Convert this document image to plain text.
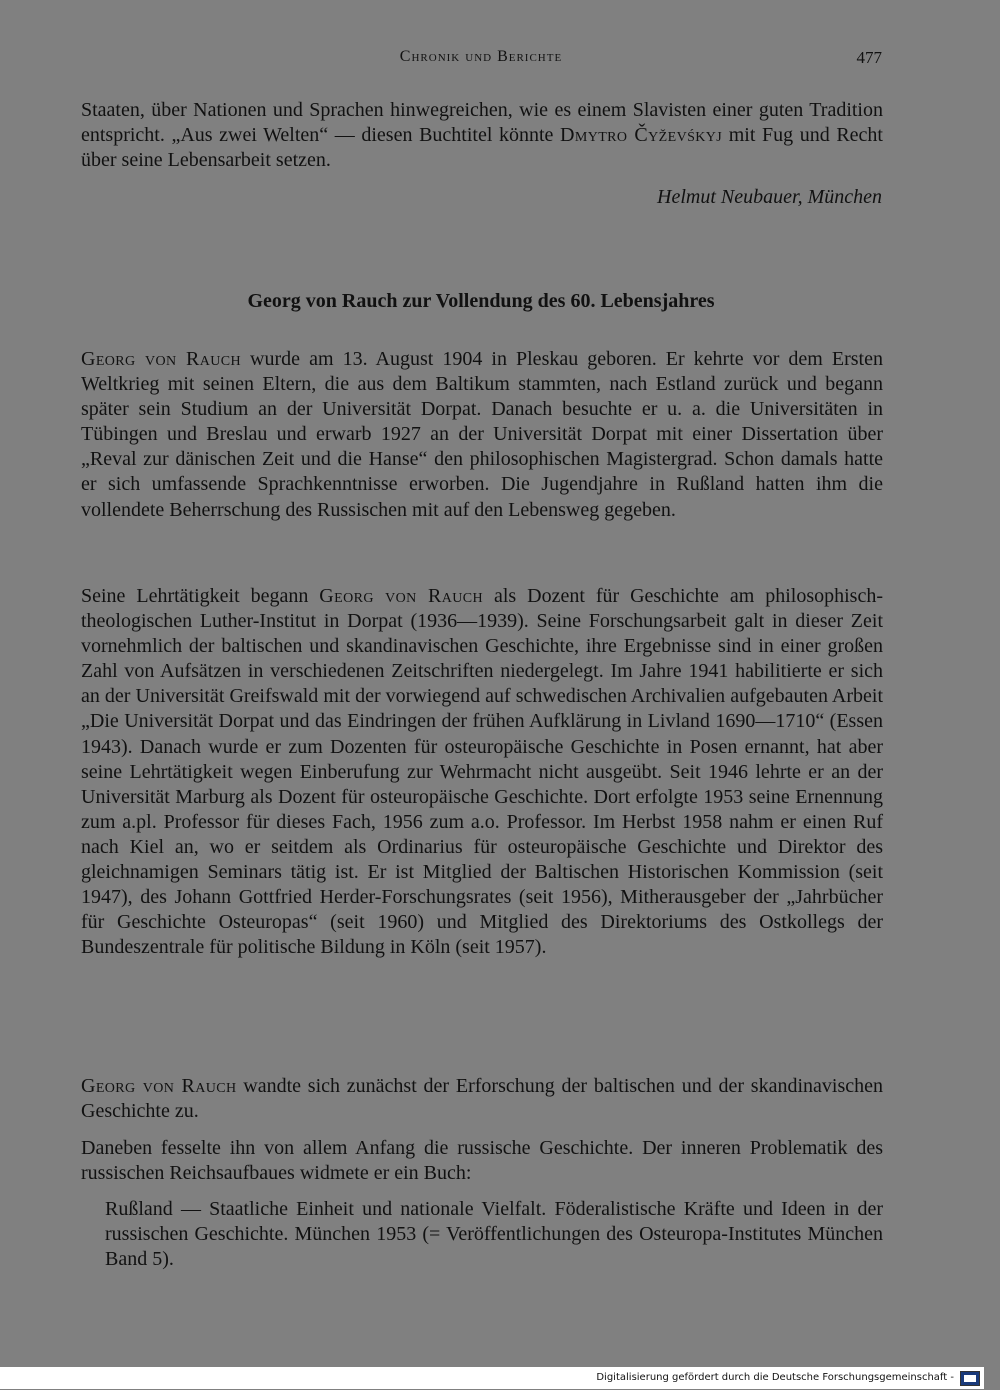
Chronik und Berichte	477

Staaten, über Nationen und Sprachen hinwegreichen, wie es einem Slavisten einer guten Tradition entspricht. „Aus zwei Welten“ — diesen Buchtitel könnte Dmytro Čyževśkyj mit Fug und Recht über seine Lebensarbeit setzen.

Helmut Neubauer, München
Georg von Rauch zur Vollendung des 60. Lebensjahres

Georg von Rauch wurde am 13. August 1904 in Pleskau geboren. Er kehrte vor dem Ersten Weltkrieg mit seinen Eltern, die aus dem Baltikum stammten, nach Estland zurück und begann später sein Studium an der Universität Dorpat. Danach besuchte er u. a. die Universitäten in Tübingen und Breslau und erwarb 1927 an der Universität Dorpat mit einer Dissertation über „Reval zur dänischen Zeit und die Hanse“ den philosophischen Magistergrad. Schon damals hatte er sich umfassende Sprachkenntnisse erworben. Die Jugendjahre in Rußland hatten ihm die vollendete Beherrschung des Russischen mit auf den Lebensweg gegeben.

Seine Lehrtätigkeit begann Georg von Rauch als Dozent für Geschichte am philosophisch-theologischen Luther-Institut in Dorpat (1936—1939). Seine Forschungsarbeit galt in dieser Zeit vornehmlich der baltischen und skandinavischen Geschichte, ihre Ergebnisse sind in einer großen Zahl von Aufsätzen in verschiedenen Zeitschriften niedergelegt. Im Jahre 1941 habilitierte er sich an der Universität Greifswald mit der vorwiegend auf schwedischen Archivalien aufgebauten Arbeit „Die Universität Dorpat und das Eindringen der frühen Aufklärung in Livland 1690—1710“ (Essen 1943). Danach wurde er zum Dozenten für osteuropäische Geschichte in Posen ernannt, hat aber seine Lehrtätigkeit wegen Einberufung zur Wehrmacht nicht ausgeübt. Seit 1946 lehrte er an der Universität Marburg als Dozent für osteuropäische Geschichte. Dort erfolgte 1953 seine Ernennung zum a.pl. Professor für dieses Fach, 1956 zum a.o. Professor. Im Herbst 1958 nahm er einen Ruf nach Kiel an, wo er seitdem als Ordinarius für osteuropäische Geschichte und Direktor des gleichnamigen Seminars tätig ist. Er ist Mitglied der Baltischen Historischen Kommission (seit 1947), des Johann Gottfried Herder-Forschungsrates (seit 1956), Mitherausgeber der „Jahrbücher für Geschichte Osteuropas“ (seit 1960) und Mitglied des Direktoriums des Ostkollegs der Bundeszentrale für politische Bildung in Köln (seit 1957).

Georg von Rauch wandte sich zunächst der Erforschung der baltischen und der skandinavischen Geschichte zu.

Daneben fesselte ihn von allem Anfang die russische Geschichte. Der inneren Problematik des russischen Reichsaufbaues widmete er ein Buch:

Rußland — Staatliche Einheit und nationale Vielfalt. Föderalistische Kräfte und Ideen in der russischen Geschichte. München 1953 (= Veröffentlichungen des Osteuropa-Institutes München Band 5).

Digitalisierung gefördert durch die Deutsche Forschungsgemeinschaft -
